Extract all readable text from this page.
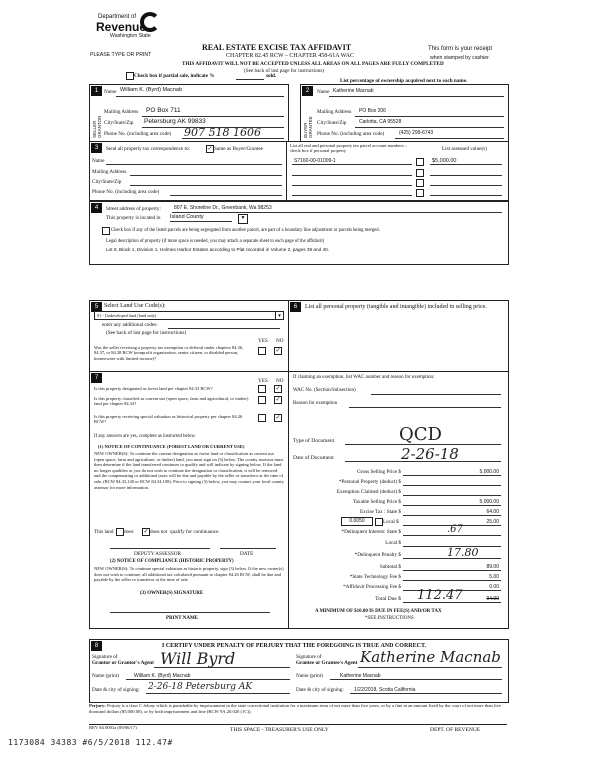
Department of
Revenue
Washington State
PLEASE TYPE OR PRINT
REAL ESTATE EXCISE TAX AFFIDAVIT
CHAPTER 82.45 RCW – CHAPTER 458-61A WAC
THIS AFFIDAVIT WILL NOT BE ACCEPTED UNLESS ALL AREAS ON ALL PAGES ARE FULLY COMPLETED
(See back of last page for instructions)
This form is your receipt
when stamped by cashier.
Check box if partial sale, indicate %	sold.
List percentage of ownership acquired next to each name.
1
SELLER GRANTOR
Name William K. (Byrd) Macnab
Mailing Address PO Box 711
City/State/Zip Petersburg AK 99833
Phone No. (including area code) 907 518 1606
2
BUYER GRANTEE
Name Katherine Macnab
Mailing Address PO Box 206
City/State/Zip	Carlotta, CA 95528
Phone No. (including area code)	(425) 299-6743
3	Send all property tax correspondence to:	✓ Same as Buyer/Grantee
Name
Mailing Address
City/State/Zip
Phone No. (including area code)
List all real and personal property tax parcel account numbers – check box if personal property	List assessed value(s)
S7160-00-01009-1	$5,000.00
4	Street address of property:	807 E. Shoreline Dr., Greenbank, Wa 98253
This property is located in Island County	▼
Check box if any of the listed parcels are being segregated from another parcel, are part of a boundary line adjustment or parcels being merged.
Legal description of property (if more space is needed, you may attach a separate sheet to each page of the affidavit)
Lot 9, Block 1, Division 1, Holmes Harbor Estates according to Plat recorded in Volume 2, pages 39 and 40.
5 Select Land Use Code(s):
91 - Undeveloped land (land only)	▼
enter any additional codes:
(See back of last page for instructions)
YES NO
Was the seller receiving a property tax exemption or deferral under chapters 84.36, 84.37, or 84.38 RCW (nonprofit organization, senior citizen, or disabled person, homeowner with limited income)?
✓
6	List all personal property (tangible and intangible) included in selling price.
7	YES NO
Is this property designated as forest land per chapter 84.33 RCW?	✓
Is this property classified as current use (open space, farm and agricultural, or timber) land per chapter 84.34?
✓
Is this property receiving special valuation as historical property per chapter 84.26 RCW?
✓
If any answers are yes, complete as instructed below.
(1) NOTICE OF CONTINUANCE (FOREST LAND OR CURRENT USE)
NEW OWNER(S): To continue the current designation as forest land or classification as current use (open space, farm and agriculture, or timber) land, you must sign on (3) below. The county assessor must then determine if the land transferred continues to qualify and will indicate by signing below. If the land no longer qualifies or you do not wish to continue the designation or classification, it will be removed and the compensating or additional taxes will be due and payable by the seller or transferor at the time of sale. (RCW 84.33.140 or RCW 84.34.108). Prior to signing (3) below, you may contact your local county assessor for more information.
This land does ✓ does not qualify for continuance.
DEPUTY ASSESSOR	DATE
(2) NOTICE OF COMPLIANCE (HISTORIC PROPERTY)
NEW OWNER(S): To continue special valuation as historic property, sign (3) below. If the new owner(s) does not wish to continue, all additional tax calculated pursuant to chapter 84.26 RCW, shall be due and payable by the seller or transferor at the time of sale.
(3) OWNER(S) SIGNATURE
PRINT NAME
If claiming an exemption, list WAC number and reason for exemption:
WAC No. (Section/Subsection)
Reason for exemption
Type of Document	QCD
Date of Document	2-26-18
Gross Selling Price $	5,000.00
*Personal Property (deduct) $
Exemption Claimed (deduct) $
Taxable Selling Price $	5,000.00
Excise Tax : State $	64.00
0.0050	Local $	25.00
*Delinquent Interest: State $	.67
Local $
*Delinquent Penalty $	17.80
Subtotal $	89.00
*State Technology Fee $	5.00
*Affidavit Processing Fee $	0.00
Total Due $ 112.47	94.00
A MINIMUM OF $10.00 IS DUE IN FEE(S) AND/OR TAX
*SEE INSTRUCTIONS
8	I CERTIFY UNDER PENALTY OF PERJURY THAT THE FOREGOING IS TRUE AND CORRECT.
Signature of
Grantor or Grantor's Agent Will Byrd	Signature of
Grantee or Grantee's Agent Katherine Macnab
Name (print)	William K. (Byrd) Macnab	Name (print)	Katherine Macnab
Date & city of signing: 2-26-18 Petersburg AK	Date & city of signing: 1/22/2018, Scotia California
Perjury: Perjury is a class C felony which is punishable by imprisonment in the state correctional institution for a maximum term of not more than five years, or by a fine in an amount fixed by the court of not more than five thousand dollars ($5,000.00), or by both imprisonment and fine (RCW 9A.20.020 (1C)).
REV 84 0001a (09/06/17)	THIS SPACE - TREASURER'S USE ONLY	DEPT. OF REVENUE
1173084 34383 #6/5/2018 112.47#
